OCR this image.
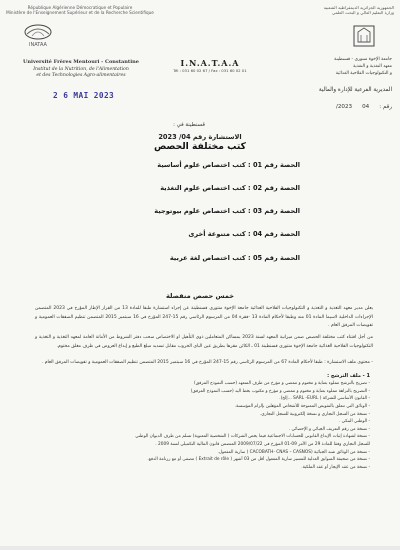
République Algérienne Démocratique et Populaire
Ministère de l'Enseignement Supérieur et de la Recherche Scientifique
الجمهورية الجزائرية الديمقراطية الشعبية
وزارة التعليم العالي و البحث العلمي
INATAA
Université Frères Mentouri - Constantine
Institut de la Nutrition, de l'Alimentation
et des Technologies Agro-alimentaires
I.N.A.T.A.A
Tél : 031 60 02 67 / Fax : 031 60 02 01
جامعة الإخوة منتوري - قسنطينة
معهد التغذية و التغذية
و التكنولوجيات الفلاحية الغذائية
المديرية الفرعية للإدارة والمالية
رقم :042023/
2 6 MAI 2023
قسنطينة في :
الاستشارة رقم 04/ 2023
كتب مختلفة الحصص
الحصة رقم 01 : كتب اختصاص علوم أساسية
الحصة رقم 02 : كتب اختصاص علوم التغذية
الحصة رقم 03 : كتب اختصاص علوم بيوتوجية
الحصة رقم 04 : كتب متنوعة أخرى
الحصة رقم 05 : كتب اختصاص لغة عربية
خمس حصص منفصلة
يعلن مدير معهد التغذية و التغذية و التكنولوجيات الفلاحية الغذائية جامعة الإخوة منتوري قسنطينة عن إجراء استشارة طبقا للمادة 13 من القرار الإطار المؤرخ في 2023 المتضمن الإجراءات الداخلية لاسيما المادة 01 منه وطبقا لأحكام المادة 13 -فقرة 04 من المرسوم الرئاسي رقم 15-247 المؤرخ في 16 سبتمبر 2015 المتضمن تنظيم الصفقات العمومية و تفويضات المرفق العام .
من أجل اقتناء كتب مختلفة الحصص ضمن ميزانية المعهد لسنة 2023 بمساكن المتعاملين ذوي التأهيل او الاختصاص سحب دفتر الشروط من الأمانة العامة لمعهد التغذية و التغذية و التكنولوجيات الفلاحية الغذائية جامعة الإخوة منتوري قسنطينة 01 ـ الكائن مقرها بطريق عين الباي الخروب مقابل تسديد مبلغ الطبع و إيداع العروض في ظرف مغلق مختوم.
- محتوى ملف الاستشارة : طبقا لأحكام المادة 67 من المرسوم الرئاسي رقم 15-247 المؤرخ في 16 سبتمبر 2015 المتضمن تنظيم الصفقات العمومية و تفويضات المرفق العام .
1 - ملف الترشح :
- تصريح بالترشح مملوء بعناية و مختوم و ممضي و مؤرخ من طرف المتعهد (حسب النموذج المرفق)
- التصريح بالنزاهة مملوء بعناية و مختوم و ممضي و مؤرخ و مكتوب بخط اليد (حسب النموذج المرفق)
- القانون الأساسي للشركة ( SARL -EURL ...إلخ).
- الوثائق التي تتعلق بالتفويض الممنوحة للأشخاص المؤهلين بإلزام المؤسسة.
- نسخة من السجل التجاري و نسخة إلكترونية للسجل التجاري.
- الوطني البنكي .
- نسخة من رقم التعريف الجبائي و الإحصائي .
- نسخة لشهادة إثبات الإيداع القانوني للحسابات الاجتماعية فيما يخص الشركات ( الشخصية المعنوية) تسلم من طرف الديوان الوطني
للسجل التجاري وفقا للمادة 29 من الأمر 09-01 المؤرخ في 2009/07/22 المتضمن قانون المالية التكميلي لسنة 2009 .
- نسخة من الوثائق شبه الجبائية (CACOBATH- CNAS – CASNOS ) سارية المفعول.
- نسخة من صحيفة السوابق العدلية للمسير سارية المفعول أقل من 03 أشهر ( Extrait de rôle ) مصفى أو مع رزنامة الدفع.
- نسخة من عقد الإيجار أو عقد الملكية.
